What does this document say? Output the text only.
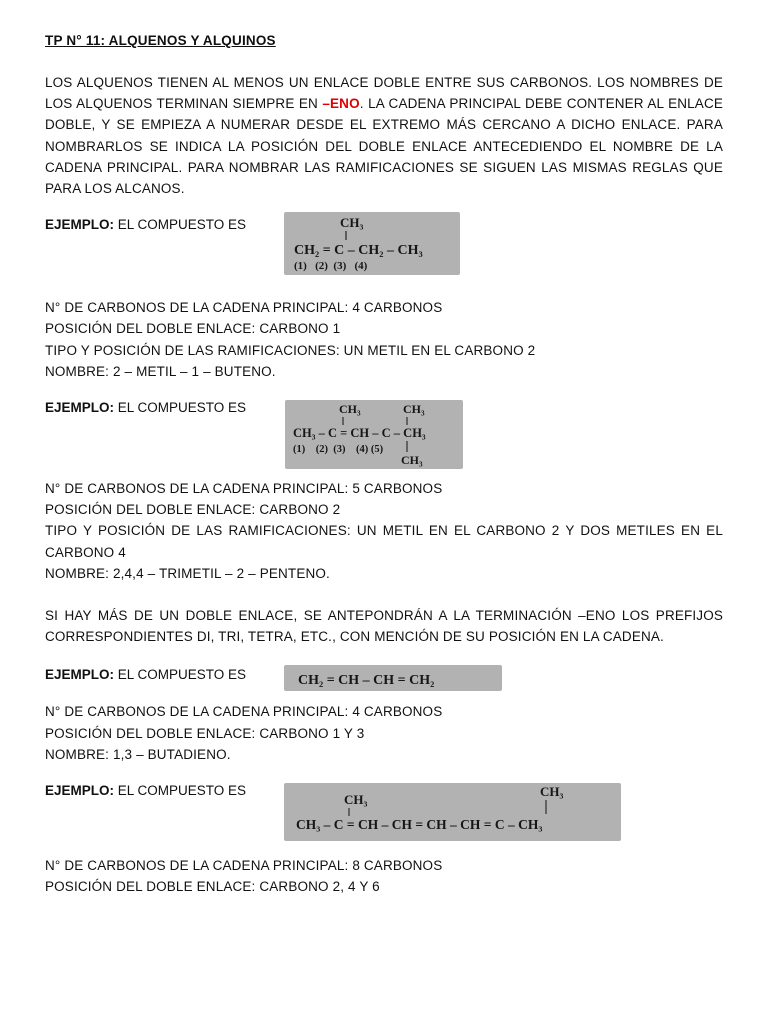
TP N° 11: ALQUENOS Y ALQUINOS

LOS ALQUENOS TIENEN AL MENOS UN ENLACE DOBLE ENTRE SUS CARBONOS. LOS NOMBRES DE LOS ALQUENOS TERMINAN SIEMPRE EN –ENO. LA CADENA PRINCIPAL DEBE CONTENER AL ENLACE DOBLE, Y SE EMPIEZA A NUMERAR DESDE EL EXTREMO MÁS CERCANO A DICHO ENLACE. PARA NOMBRARLOS SE INDICA LA POSICIÓN DEL DOBLE ENLACE ANTECEDIENDO EL NOMBRE DE LA CADENA PRINCIPAL. PARA NOMBRAR LAS RAMIFICACIONES SE SIGUEN LAS MISMAS REGLAS QUE PARA LOS ALCANOS.

EJEMPLO: EL COMPUESTO ES	CH₃
CH₂ = C – CH₂ – CH₃
(1)   (2)  (3)   (4)
N° DE CARBONOS DE LA CADENA PRINCIPAL: 4 CARBONOS
POSICIÓN DEL DOBLE ENLACE: CARBONO 1
TIPO Y POSICIÓN DE LAS RAMIFICACIONES: UN METIL EN EL CARBONO 2
NOMBRE: 2 – METIL – 1 – BUTENO.
EJEMPLO: EL COMPUESTO ES	CH₃	CH₃
CH₃ – C = CH – C – CH₃
(1)    (2)  (3)    (4) (5)
CH₃
N° DE CARBONOS DE LA CADENA PRINCIPAL: 5 CARBONOS
POSICIÓN DEL DOBLE ENLACE: CARBONO 2
TIPO Y POSICIÓN DE LAS RAMIFICACIONES: UN METIL EN EL CARBONO 2 Y DOS METILES EN EL CARBONO 4
NOMBRE: 2,4,4 – TRIMETIL – 2 – PENTENO.

SI HAY MÁS DE UN DOBLE ENLACE, SE ANTEPONDRÁN A LA TERMINACIÓN –ENO LOS PREFIJOS CORRESPONDIENTES DI, TRI, TETRA, ETC., CON MENCIÓN DE SU POSICIÓN EN LA CADENA.

EJEMPLO: EL COMPUESTO ES	CH₂ = CH – CH = CH₂
N° DE CARBONOS DE LA CADENA PRINCIPAL: 4 CARBONOS
POSICIÓN DEL DOBLE ENLACE: CARBONO 1 Y 3
NOMBRE: 1,3 – BUTADIENO.
EJEMPLO: EL COMPUESTO ES
CH₃
CH₃
CH₃ – C = CH – CH = CH – CH = C – CH₃
N° DE CARBONOS DE LA CADENA PRINCIPAL: 8 CARBONOS
POSICIÓN DEL DOBLE ENLACE: CARBONO 2, 4 Y 6
